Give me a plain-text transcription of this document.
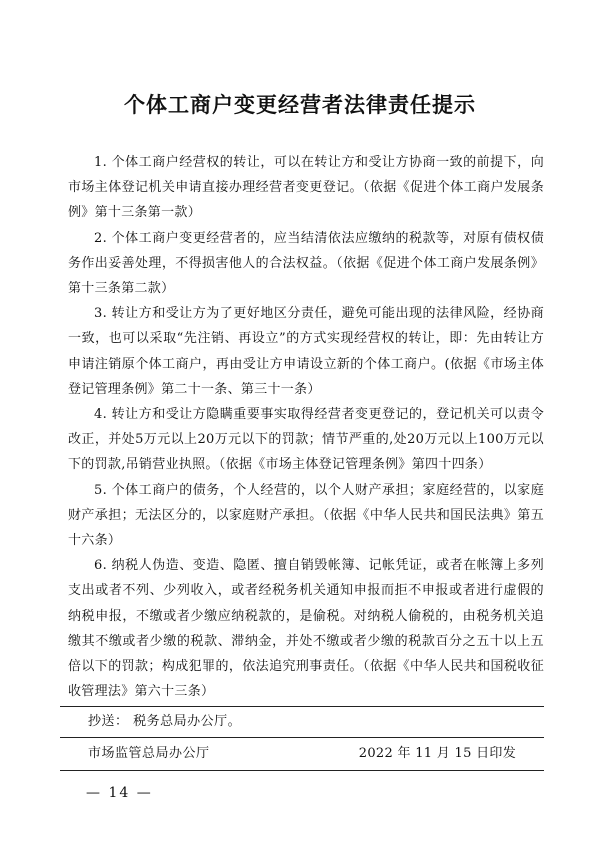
个体工商户变更经营者法律责任提示

1. 个体工商户经营权的转让，可以在转让方和受让方协商一致的前提下，向市场主体登记机关申请直接办理经营者变更登记。（依据《促进个体工商户发展条例》第十三条第一款）

2. 个体工商户变更经营者的，应当结清依法应缴纳的税款等，对原有债权债务作出妥善处理，不得损害他人的合法权益。（依据《促进个体工商户发展条例》第十三条第二款）

3. 转让方和受让方为了更好地区分责任，避免可能出现的法律风险，经协商一致，也可以采取“先注销、再设立”的方式实现经营权的转让，即：先由转让方申请注销原个体工商户，再由受让方申请设立新的个体工商户。(依据《市场主体登记管理条例》第二十一条、第三十一条）

4. 转让方和受让方隐瞒重要事实取得经营者变更登记的，登记机关可以责令改正，并处5万元以上20万元以下的罚款；情节严重的,处20万元以上100万元以下的罚款,吊销营业执照。（依据《市场主体登记管理条例》第四十四条）

5. 个体工商户的债务，个人经营的，以个人财产承担；家庭经营的，以家庭财产承担；无法区分的，以家庭财产承担。（依据《中华人民共和国民法典》第五十六条）

6. 纳税人伪造、变造、隐匿、擅自销毁帐簿、记帐凭证，或者在帐簿上多列支出或者不列、少列收入，或者经税务机关通知申报而拒不申报或者进行虚假的纳税申报，不缴或者少缴应纳税款的，是偷税。对纳税人偷税的，由税务机关追缴其不缴或者少缴的税款、滞纳金，并处不缴或者少缴的税款百分之五十以上五倍以下的罚款；构成犯罪的，依法追究刑事责任。（依据《中华人民共和国税收征收管理法》第六十三条）

抄送： 税务总局办公厅。
市场监管总局办公厅	2022 年 11 月 15 日印发
— 14 —
